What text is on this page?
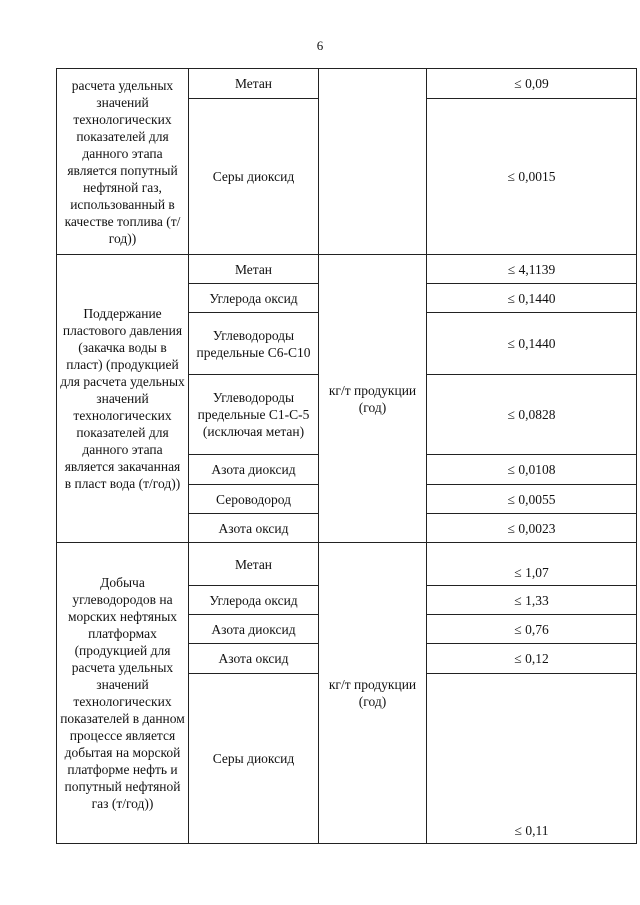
6
расчета удельных значений технологических показателей для данного этапа является попутный нефтяной газ, использованный в качестве топлива (т/год))	Метан		≤ 0,09
	Серы диоксид		≤ 0,0015
Поддержание пластового давления (закачка воды в пласт) (продукцией для расчета удельных значений технологических показателей для данного этапа является закачанная в пласт вода (т/год))	Метан	кг/т продукции (год)	≤ 4,1139
	Углерода оксид		≤ 0,1440
	Углеводороды предельные С6-С10		≤ 0,1440
	Углеводороды предельные С1-С-5 (исключая метан)		≤ 0,0828
	Азота диоксид		≤ 0,0108
	Сероводород		≤ 0,0055
	Азота оксид		≤ 0,0023
Добыча углеводородов на морских нефтяных платформах (продукцией для расчета удельных значений технологических показателей в данном процессе является добытая на морской платформе нефть и попутный нефтяной газ (т/год))	Метан	кг/т продукции (год)	≤ 1,07
	Углерода оксид		≤ 1,33
	Азота диоксид		≤ 0,76
	Азота оксид		≤ 0,12
	Серы диоксид		≤ 0,11
